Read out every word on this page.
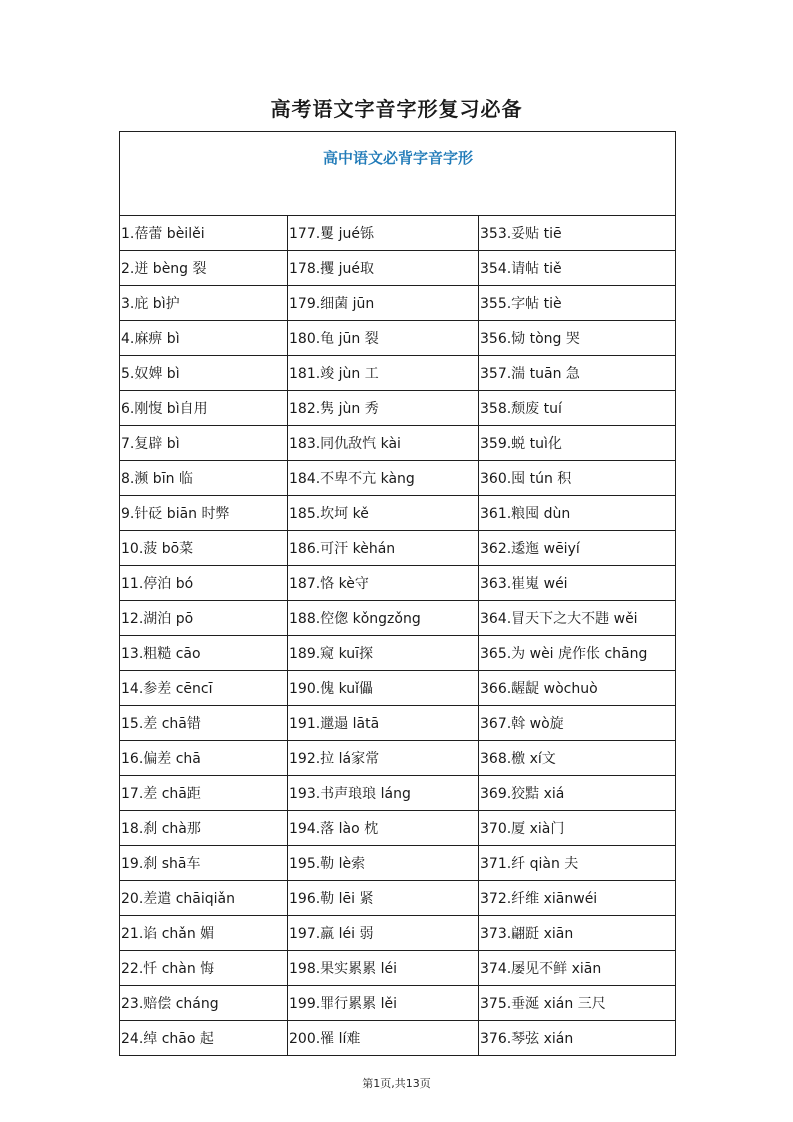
高考语文字音字形复习必备
高中语文必背字音字形		
1.蓓蕾 bèilěi	177.矍 jué铄	353.妥贴 tiē
2.迸 bèng 裂	178.攫 jué取	354.请帖 tiě
3.庇 bì护	179.细菌 jūn	355.字帖 tiè
4.麻痹 bì	180.龟 jūn 裂	356.恸 tòng 哭
5.奴婢 bì	181.竣 jùn 工	357.湍 tuān 急
6.刚愎 bì自用	182.隽 jùn 秀	358.颓废 tuí
7.复辟 bì	183.同仇敌忾 kài	359.蜕 tuì化
8.濒 bīn 临	184.不卑不亢 kàng	360.囤 tún 积
9.针砭 biān 时弊	185.坎坷 kě	361.粮囤 dùn
10.菠 bō菜	186.可汗 kèhán	362.逶迤 wēiyí
11.停泊 bó	187.恪 kè守	363.崔嵬 wéi
12.湖泊 pō	188.倥偬 kǒngzǒng	364.冒天下之大不韪 wěi
13.粗糙 cāo	189.窥 kuī探	365.为 wèi 虎作伥 chāng
14.参差 cēncī	190.傀 kuǐ儡	366.龌龊 wòchuò
15.差 chā错	191.邋遢 lātā	367.斡 wò旋
16.偏差 chā	192.拉 lá家常	368.檄 xí文
17.差 chā距	193.书声琅琅 láng	369.狡黠 xiá
18.刹 chà那	194.落 lào 枕	370.厦 xià门
19.刹 shā车	195.勒 lè索	371.纤 qiàn 夫
20.差遣 chāiqiǎn	196.勒 lēi 紧	372.纤维 xiānwéi
21.谄 chǎn 媚	197.羸 léi 弱	373.翩跹 xiān
22.忏 chàn 悔	198.果实累累 léi	374.屡见不鲜 xiān
23.赔偿 cháng	199.罪行累累 lěi	375.垂涎 xián 三尺
24.绰 chāo 起	200.罹 lí难	376.琴弦 xián
第1页,共13页
